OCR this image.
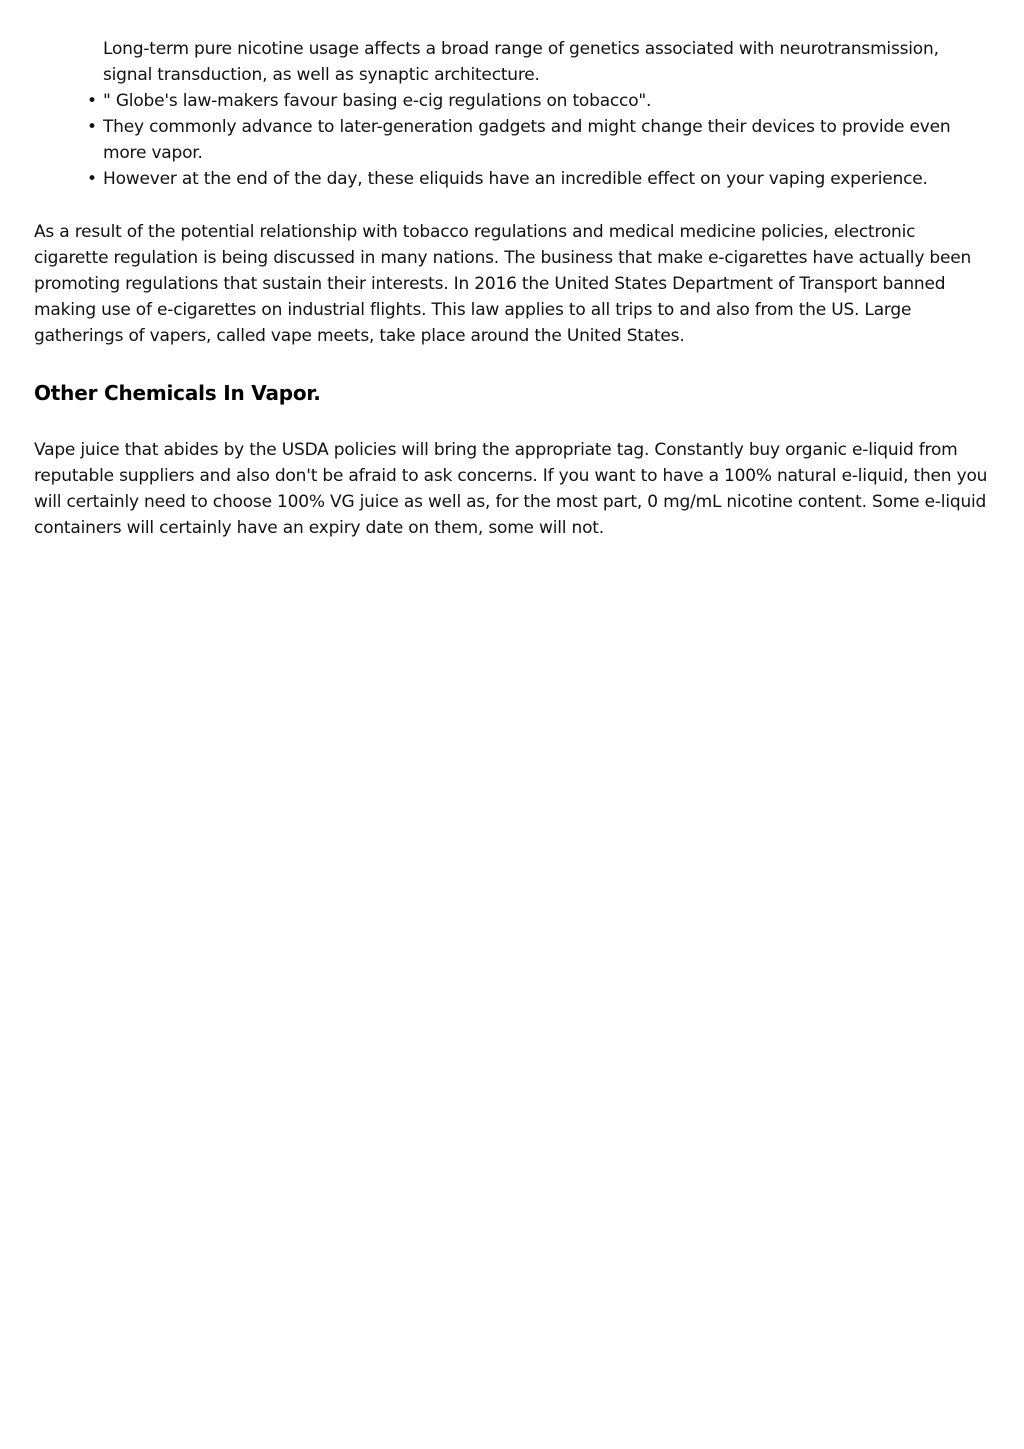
Long-term pure nicotine usage affects a broad range of genetics associated with neurotransmission, signal transduction, as well as synaptic architecture.

• " Globe's law-makers favour basing e-cig regulations on tobacco".
• They commonly advance to later-generation gadgets and might change their devices to provide even more vapor.
• However at the end of the day, these eliquids have an incredible effect on your vaping experience.

As a result of the potential relationship with tobacco regulations and medical medicine policies, electronic cigarette regulation is being discussed in many nations. The business that make e-cigarettes have actually been promoting regulations that sustain their interests. In 2016 the United States Department of Transport banned making use of e-cigarettes on industrial flights. This law applies to all trips to and also from the US. Large gatherings of vapers, called vape meets, take place around the United States.

Other Chemicals In Vapor.

Vape juice that abides by the USDA policies will bring the appropriate tag. Constantly buy organic e-liquid from reputable suppliers and also don't be afraid to ask concerns. If you want to have a 100% natural e-liquid, then you will certainly need to choose 100% VG juice as well as, for the most part, 0 mg/mL nicotine content. Some e-liquid containers will certainly have an expiry date on them, some will not.
